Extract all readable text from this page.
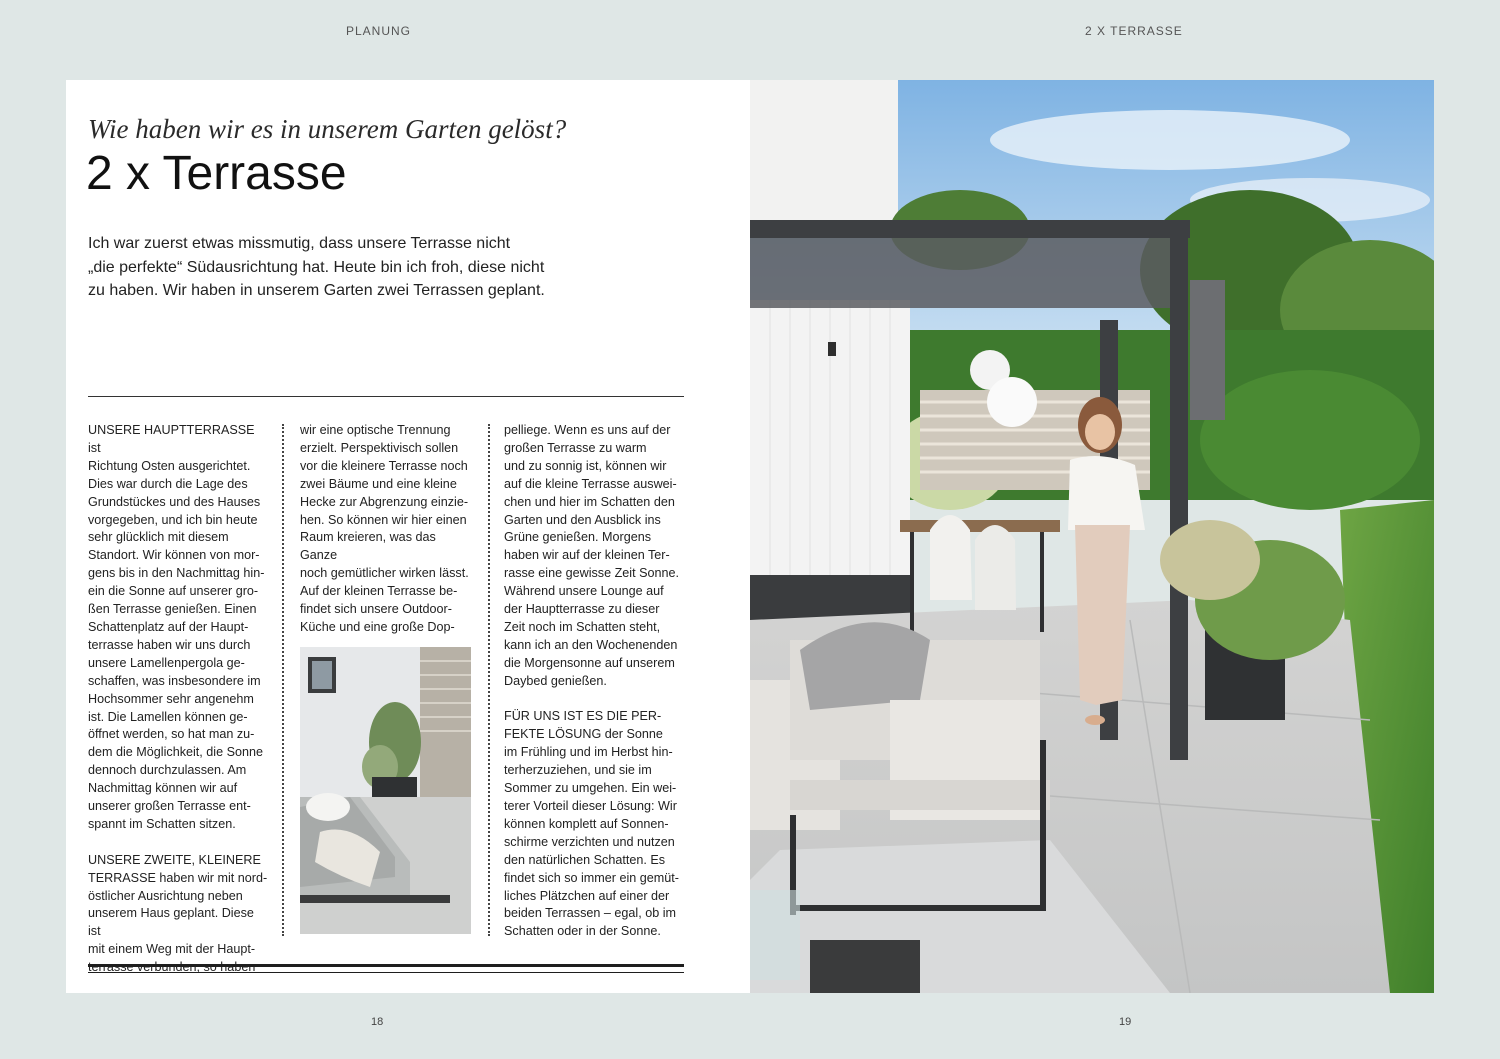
PLANUNG	2 X TERRASSE
Wie haben wir es in unserem Garten gelöst?
2 x Terrasse

Ich war zuerst etwas missmutig, dass unsere Terrasse nicht

„die perfekte“ Südausrichtung hat. Heute bin ich froh, diese nicht

zu haben. Wir haben in unserem Garten zwei Terrassen geplant.

UNSERE HAUPTTERRASSE ist
Richtung Osten ausgerichtet.
Dies war durch die Lage des
Grundstückes und des Hauses
vorgegeben, und ich bin heute
sehr glücklich mit diesem
Standort. Wir können von mor-
gens bis in den Nachmittag hin-
ein die Sonne auf unserer gro-
ßen Terrasse genießen. Einen
Schattenplatz auf der Haupt-
terrasse haben wir uns durch
unsere Lamellenpergola ge-
schaffen, was insbesondere im
Hochsommer sehr angenehm
ist. Die Lamellen können ge-
öffnet werden, so hat man zu-
dem die Möglichkeit, die Sonne
dennoch durchzulassen. Am
Nachmittag können wir auf
unserer großen Terrasse ent-
spannt im Schatten sitzen.

UNSERE ZWEITE, KLEINERE
TERRASSE haben wir mit nord-
östlicher Ausrichtung neben
unserem Haus geplant. Diese ist
mit einem Weg mit der Haupt-
terrasse verbunden, so haben

wir eine optische Trennung
erzielt. Perspektivisch sollen
vor die kleinere Terrasse noch
zwei Bäume und eine kleine
Hecke zur Abgrenzung einzie-
hen. So können wir hier einen
Raum kreieren, was das Ganze
noch gemütlicher wirken lässt.
Auf der kleinen Terrasse be-
findet sich unsere Outdoor-
Küche und eine große Dop-

pelliege. Wenn es uns auf der
großen Terrasse zu warm
und zu sonnig ist, können wir
auf die kleine Terrasse auswei-
chen und hier im Schatten den
Garten und den Ausblick ins
Grüne genießen. Morgens
haben wir auf der kleinen Ter-
rasse eine gewisse Zeit Sonne.
Während unsere Lounge auf
der Hauptterrasse zu dieser
Zeit noch im Schatten steht,
kann ich an den Wochenenden
die Morgensonne auf unserem
Daybed genießen.

FÜR UNS IST ES DIE PER-
FEKTE LÖSUNG der Sonne
im Frühling und im Herbst hin-
terherzuziehen, und sie im
Sommer zu umgehen. Ein wei-
terer Vorteil dieser Lösung: Wir
können komplett auf Sonnen-
schirme verzichten und nutzen
den natürlichen Schatten. Es
findet sich so immer ein gemüt-
liches Plätzchen auf einer der
beiden Terrassen – egal, ob im
Schatten oder in der Sonne.

18	19
